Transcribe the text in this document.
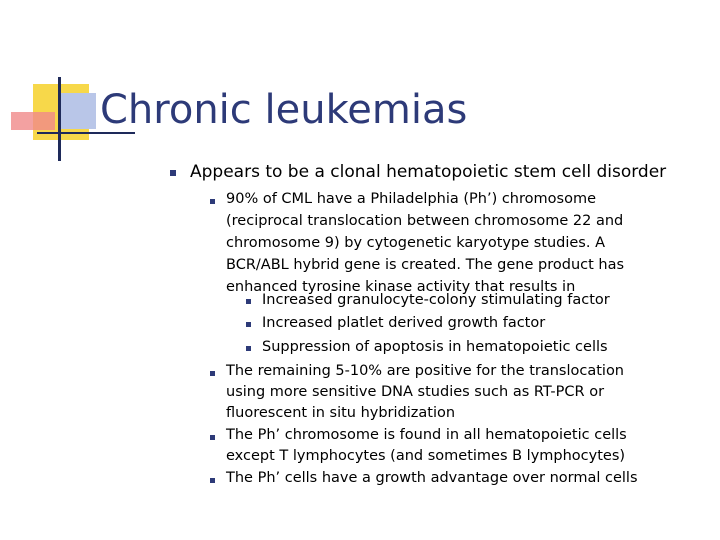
Chronic leukemias

Appears to be a clonal hematopoietic stem cell disorder

90% of CML have a Philadelphia (Ph’) chromosome

(reciprocal translocation between chromosome 22 and

chromosome 9) by cytogenetic karyotype studies. A

BCR/ABL hybrid gene is created. The gene product has

enhanced tyrosine kinase activity that results in

Increased granulocyte-colony stimulating factor

Increased platlet derived growth factor

Suppression of apoptosis in hematopoietic cells

The remaining 5-10% are positive for the translocation

using more sensitive DNA studies such as RT-PCR or

fluorescent in situ hybridization

The Ph’ chromosome is found in all hematopoietic cells

except T lymphocytes (and sometimes B lymphocytes)

The Ph’ cells have a growth advantage over normal cells
